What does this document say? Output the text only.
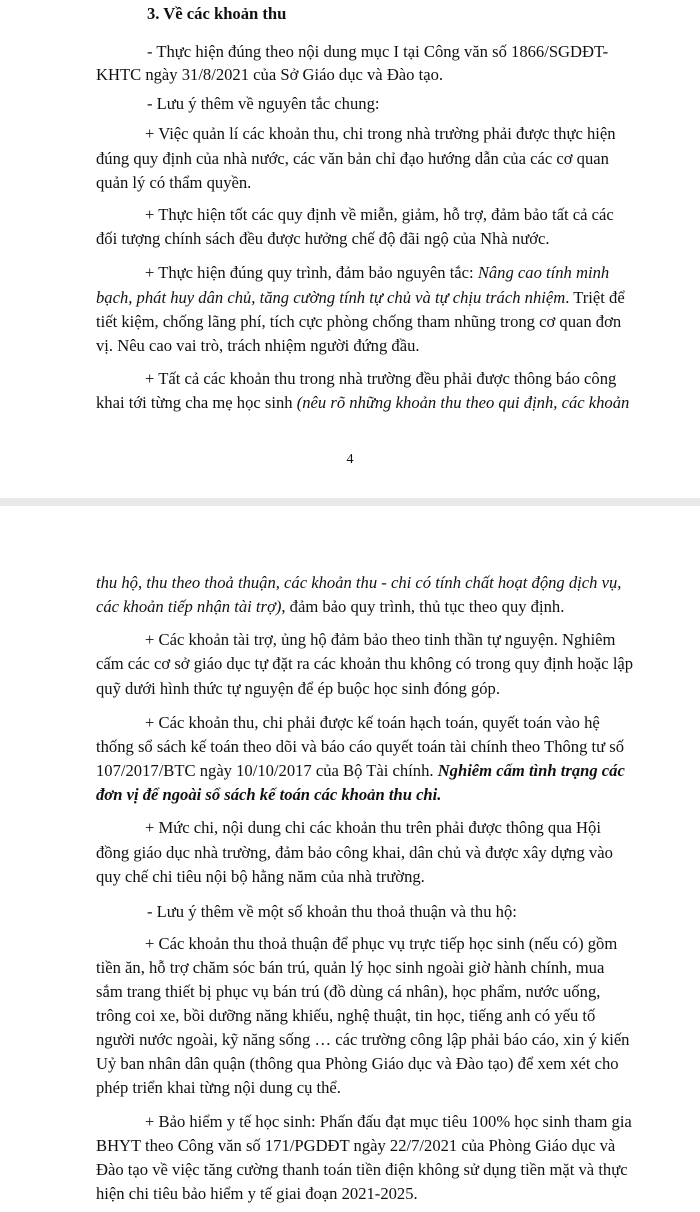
3. Về các khoản thu
- Thực hiện đúng theo nội dung mục I tại Công văn số 1866/SGDĐT-
KHTC ngày 31/8/2021 của Sở Giáo dục và Đào tạo.
- Lưu ý thêm về nguyên tắc chung:
+ Việc quản lí các khoản thu, chi trong nhà trường phải được thực hiện
đúng quy định của nhà nước, các văn bản chỉ đạo hướng dẫn của các cơ quan
quản lý có thẩm quyền.
+ Thực hiện tốt các quy định về miễn, giảm, hỗ trợ, đảm bảo tất cả các
đối tượng chính sách đều được hưởng chế độ đãi ngộ của Nhà nước.
+ Thực hiện đúng quy trình, đảm bảo nguyên tắc: Nâng cao tính minh
bạch, phát huy dân chủ, tăng cường tính tự chủ và tự chịu trách nhiệm. Triệt để
tiết kiệm, chống lãng phí, tích cực phòng chống tham nhũng trong cơ quan đơn
vị. Nêu cao vai trò, trách nhiệm người đứng đầu.
+ Tất cả các khoản thu trong nhà trường đều phải được thông báo công
khai tới từng cha mẹ học sinh (nêu rõ những khoản thu theo qui định, các khoản
4
thu hộ, thu theo thoả thuận, các khoản thu - chi có tính chất hoạt động dịch vụ,
các khoản tiếp nhận tài trợ), đảm bảo quy trình, thủ tục theo quy định.
+ Các khoản tài trợ, ủng hộ đảm bảo theo tinh thần tự nguyện. Nghiêm
cấm các cơ sở giáo dục tự đặt ra các khoản thu không có trong quy định hoặc lập
quỹ dưới hình thức tự nguyện để ép buộc học sinh đóng góp.
+ Các khoản thu, chi phải được kế toán hạch toán, quyết toán vào hệ
thống sổ sách kế toán theo dõi và báo cáo quyết toán tài chính theo Thông tư số
107/2017/BTC ngày 10/10/2017 của Bộ Tài chính. Nghiêm cấm tình trạng các
đơn vị để ngoài sổ sách kế toán các khoản thu chi.
+ Mức chi, nội dung chi các khoản thu trên phải được thông qua Hội
đồng giáo dục nhà trường, đảm bảo công khai, dân chủ và được xây dựng vào
quy chế chi tiêu nội bộ hằng năm của nhà trường.
- Lưu ý thêm về một số khoản thu thoả thuận và thu hộ:
+ Các khoản thu thoả thuận để phục vụ trực tiếp học sinh (nếu có) gồm
tiền ăn, hỗ trợ chăm sóc bán trú, quản lý học sinh ngoài giờ hành chính, mua
sắm trang thiết bị phục vụ bán trú (đồ dùng cá nhân), học phẩm, nước uống,
trông coi xe, bồi dưỡng năng khiếu, nghệ thuật, tin học, tiếng anh có yếu tố
người nước ngoài, kỹ năng sống … các trường công lập phải báo cáo, xin ý kiến
Uỷ ban nhân dân quận (thông qua Phòng Giáo dục và Đào tạo) để xem xét cho
phép triển khai từng nội dung cụ thể.
+ Bảo hiểm y tế học sinh: Phấn đấu đạt mục tiêu 100% học sinh tham gia
BHYT theo Công văn số 171/PGDĐT ngày 22/7/2021 của Phòng Giáo dục và
Đào tạo về việc tăng cường thanh toán tiền điện không sử dụng tiền mặt và thực
hiện chi tiêu bảo hiểm y tế giai đoạn 2021-2025.
